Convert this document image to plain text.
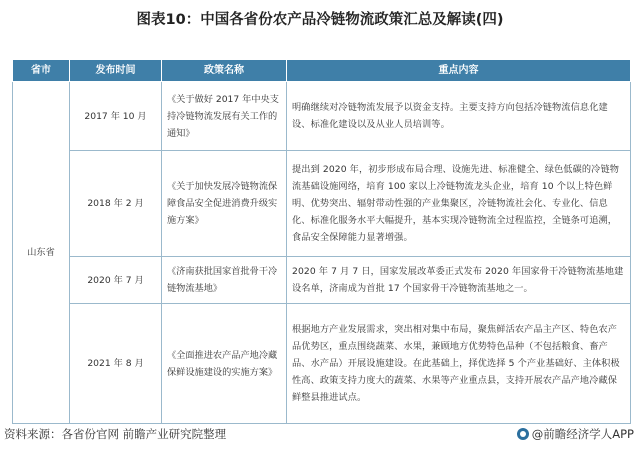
图表10：中国各省份农产品冷链物流政策汇总及解读(四)
省市	发布时间	政策名称	重点内容
山东省	2017 年 10 月	《关于做好 2017 年中央支持冷链物流发展有关工作的通知》	明确继续对冷链物流发展予以资金支持。主要支持方向包括冷链物流信息化建设、标准化建设以及从业人员培训等。
	2018 年 2 月	《关于加快发展冷链物流保障食品安全促进消费升级实施方案》	提出到 2020 年，初步形成布局合理、设施先进、标准健全、绿色低碳的冷链物流基础设施网络，培育 100 家以上冷链物流龙头企业，培育 10 个以上特色鲜明、优势突出、辐射带动性强的产业集聚区，冷链物流社会化、专业化、信息化、标准化服务水平大幅提升，基本实现冷链物流全过程监控，全链条可追溯，食品安全保障能力显著增强。
	2020 年 7 月	《济南获批国家首批骨干冷链物流基地》	2020 年 7 月 7 日，国家发展改革委正式发布 2020 年国家骨干冷链物流基地建设名单，济南成为首批 17 个国家骨干冷链物流基地之一。
	2021 年 8 月	《全面推进农产品产地冷藏保鲜设施建设的实施方案》	根据地方产业发展需求，突出相对集中布局，聚焦鲜活农产品主产区、特色农产品优势区，重点围绕蔬菜、水果，兼顾地方优势特色品种（不包括粮食、畜产品、水产品）开展设施建设。在此基础上，择优选择 5 个产业基础好、主体积极性高、政策支持力度大的蔬菜、水果等产业重点县，支持开展农产品产地冷藏保鲜整县推进试点。
资料来源：各省份官网 前瞻产业研究院整理	@前瞻经济学人APP
